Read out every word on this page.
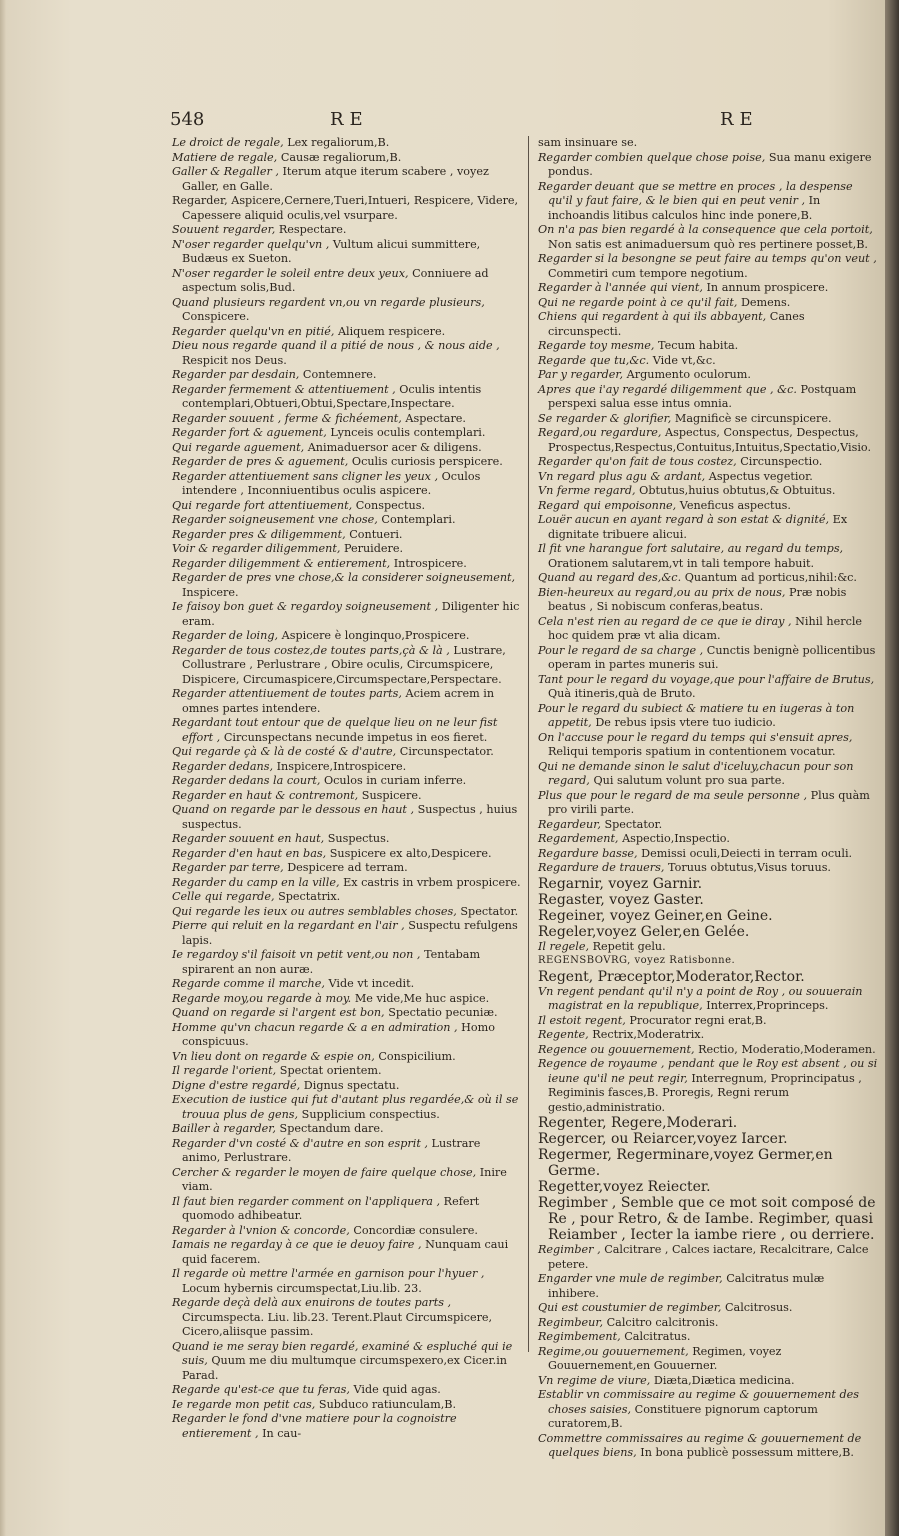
548	RE	RE

Le droict de regale, Lex regaliorum,B.

Matiere de regale, Causæ regaliorum,B.

Galler & Regaller , Iterum atque iterum scabere , voyez Galler, en Galle.

Regarder, Aspicere,Cernere,Tueri,Intueri, Respicere, Videre, Capessere aliquid oculis,vel vsurpare.

Souuent regarder, Respectare.

N'oser regarder quelqu'vn , Vultum alicui summittere, Budæus ex Sueton.

N'oser regarder le soleil entre deux yeux, Conniuere ad aspectum solis,Bud.

Quand plusieurs regardent vn,ou vn regarde plusieurs, Conspicere.

Regarder quelqu'vn en pitié, Aliquem respicere.

Dieu nous regarde quand il a pitié de nous , & nous aide , Respicit nos Deus.

Regarder par desdain, Contemnere.

Regarder fermement & attentiuement , Oculis intentis contemplari,Obtueri,Obtui,Spectare,Inspectare.

Regarder souuent , ferme & fichéement, Aspectare.

Regarder fort & aguement, Lynceis oculis contemplari.

Qui regarde aguement, Animaduersor acer & diligens.

Regarder de pres & aguement, Oculis curiosis perspicere.

Regarder attentiuement sans cligner les yeux , Oculos intendere , Inconniuentibus oculis aspicere.

Qui regarde fort attentiuement, Conspectus.

Regarder soigneusement vne chose, Contemplari.

Regarder pres & diligemment, Contueri.

Voir & regarder diligemment, Peruidere.

Regarder diligemment & entierement, Introspicere.

Regarder de pres vne chose,& la considerer soigneusement, Inspicere.

Ie faisoy bon guet & regardoy soigneusement , Diligenter hic eram.

Regarder de loing, Aspicere è longinquo,Prospicere.

Regarder de tous costez,de toutes parts,çà & là , Lustrare, Collustrare , Perlustrare , Obire oculis, Circumspicere, Dispicere, Circumaspicere,Circumspectare,Perspectare.

Regarder attentiuement de toutes parts, Aciem acrem in omnes partes intendere.

Regardant tout entour que de quelque lieu on ne leur fist effort , Circunspectans necunde impetus in eos fieret.

Qui regarde çà & là de costé & d'autre, Circunspectator.

Regarder dedans, Inspicere,Introspicere.

Regarder dedans la court, Oculos in curiam inferre.

Regarder en haut & contremont, Suspicere.

Quand on regarde par le dessous en haut , Suspectus , huius suspectus.

Regarder souuent en haut, Suspectus.

Regarder d'en haut en bas, Suspicere ex alto,Despicere.

Regarder par terre, Despicere ad terram.

Regarder du camp en la ville, Ex castris in vrbem prospicere.

Celle qui regarde, Spectatrix.

Qui regarde les ieux ou autres semblables choses, Spectator.

Pierre qui reluit en la regardant en l'air , Suspectu refulgens lapis.

Ie regardoy s'il faisoit vn petit vent,ou non , Tentabam spirarent an non auræ.

Regarde comme il marche, Vide vt incedit.

Regarde moy,ou regarde à moy. Me vide,Me huc aspice.

Quand on regarde si l'argent est bon, Spectatio pecuniæ.

Homme qu'vn chacun regarde & a en admiration , Homo conspicuus.

Vn lieu dont on regarde & espie on, Conspicilium.

Il regarde l'orient, Spectat orientem.

Digne d'estre regardé, Dignus spectatu.

Execution de iustice qui fut d'autant plus regardée,& où il se trouua plus de gens, Supplicium conspectius.

Bailler à regarder, Spectandum dare.

Regarder d'vn costé & d'autre en son esprit , Lustrare animo, Perlustrare.

Cercher & regarder le moyen de faire quelque chose, Inire viam.

Il faut bien regarder comment on l'appliquera , Refert quomodo adhibeatur.

Regarder à l'vnion & concorde, Concordiæ consulere.

Iamais ne regarday à ce que ie deuoy faire , Nunquam caui quid facerem.

Il regarde où mettre l'armée en garnison pour l'hyuer , Locum hybernis circumspectat,Liu.lib. 23.

Regarde deçà delà aux enuirons de toutes parts , Circumspecta. Liu. lib.23. Terent.Plaut Circumspicere, Cicero,aliisque passim.

Quand ie me seray bien regardé, examiné & espluché qui ie suis, Quum me diu multumque circumspexero,ex Cicer.in Parad.

Regarde qu'est-ce que tu feras, Vide quid agas.

Ie regarde mon petit cas, Subduco ratiunculam,B.

Regarder le fond d'vne matiere pour la cognoistre entierement , In cau-

sam insinuare se.

Regarder combien quelque chose poise, Sua manu exigere pondus.

Regarder deuant que se mettre en proces , la despense qu'il y faut faire, & le bien qui en peut venir , In inchoandis litibus calculos hinc inde ponere,B.

On n'a pas bien regardé à la consequence que cela portoit, Non satis est animaduersum quò res pertinere posset,B.

Regarder si la besongne se peut faire au temps qu'on veut , Commetiri cum tempore negotium.

Regarder à l'année qui vient, In annum prospicere.

Qui ne regarde point à ce qu'il fait, Demens.

Chiens qui regardent à qui ils abbayent, Canes circunspecti.

Regarde toy mesme, Tecum habita.

Regarde que tu,&c. Vide vt,&c.

Par y regarder, Argumento oculorum.

Apres que i'ay regardé diligemment que , &c. Postquam perspexi salua esse intus omnia.

Se regarder & glorifier, Magnificè se circunspicere.

Regard,ou regardure, Aspectus, Conspectus, Despectus, Prospectus,Respectus,Contuitus,Intuitus,Spectatio,Visio.

Regarder qu'on fait de tous costez, Circunspectio.

Vn regard plus agu & ardant, Aspectus vegetior.

Vn ferme regard, Obtutus,huius obtutus,& Obtuitus.

Regard qui empoisonne, Veneficus aspectus.

Louër aucun en ayant regard à son estat & dignité, Ex dignitate tribuere alicui.

Il fit vne harangue fort salutaire, au regard du temps, Orationem salutarem,vt in tali tempore habuit.

Quand au regard des,&c. Quantum ad porticus,nihil:&c.

Bien-heureux au regard,ou au prix de nous, Præ nobis beatus , Si nobiscum conferas,beatus.

Cela n'est rien au regard de ce que ie diray , Nihil hercle hoc quidem præ vt alia dicam.

Pour le regard de sa charge , Cunctis benignè pollicentibus operam in partes muneris sui.

Tant pour le regard du voyage,que pour l'affaire de Brutus, Quà itineris,quà de Bruto.

Pour le regard du subiect & matiere tu en iugeras à ton appetit, De rebus ipsis vtere tuo iudicio.

On l'accuse pour le regard du temps qui s'ensuit apres, Reliqui temporis spatium in contentionem vocatur.

Qui ne demande sinon le salut d'iceluy,chacun pour son regard, Qui salutum volunt pro sua parte.

Plus que pour le regard de ma seule personne , Plus quàm pro virili parte.

Regardeur, Spectator.

Regardement, Aspectio,Inspectio.

Regardure basse, Demissi oculi,Deiecti in terram oculi.

Regardure de trauers, Toruus obtutus,Visus toruus.

Regarnir, voyez Garnir.

Regaster, voyez Gaster.

Regeiner, voyez Geiner,en Geine.

Regeler,voyez Geler,en Gelée.

Il regele, Repetit gelu.

REGENSBOVRG, voyez Ratisbonne.

Regent, Præceptor,Moderator,Rector.

Vn regent pendant qu'il n'y a point de Roy , ou souuerain magistrat en la republique, Interrex,Proprinceps.

Il estoit regent, Procurator regni erat,B.

Regente, Rectrix,Moderatrix.

Regence ou gouuernement, Rectio, Moderatio,Moderamen.

Regence de royaume , pendant que le Roy est absent , ou si ieune qu'il ne peut regir, Interregnum, Proprincipatus , Regiminis fasces,B. Proregis, Regni rerum gestio,administratio.

Regenter, Regere,Moderari.

Regercer, ou Reiarcer,voyez Iarcer.

Regermer, Regerminare,voyez Germer,en Germe.

Regetter,voyez Reiecter.

Regimber , Semble que ce mot soit composé de Re , pour Retro, & de Iambe. Regimber, quasi Reiamber , Iecter la iambe riere , ou derriere.

Regimber , Calcitrare , Calces iactare, Recalcitrare, Calce petere.

Engarder vne mule de regimber, Calcitratus mulæ inhibere.

Qui est coustumier de regimber, Calcitrosus.

Regimbeur, Calcitro calcitronis.

Regimbement, Calcitratus.

Regime,ou gouuernement, Regimen, voyez Gouuernement,en Gouuerner.

Vn regime de viure, Diæta,Diætica medicina.

Establir vn commissaire au regime & gouuernement des choses saisies, Constituere pignorum captorum curatorem,B.

Commettre commissaires au regime & gouuernement de quelques biens, In bona publicè possessum mittere,B.
